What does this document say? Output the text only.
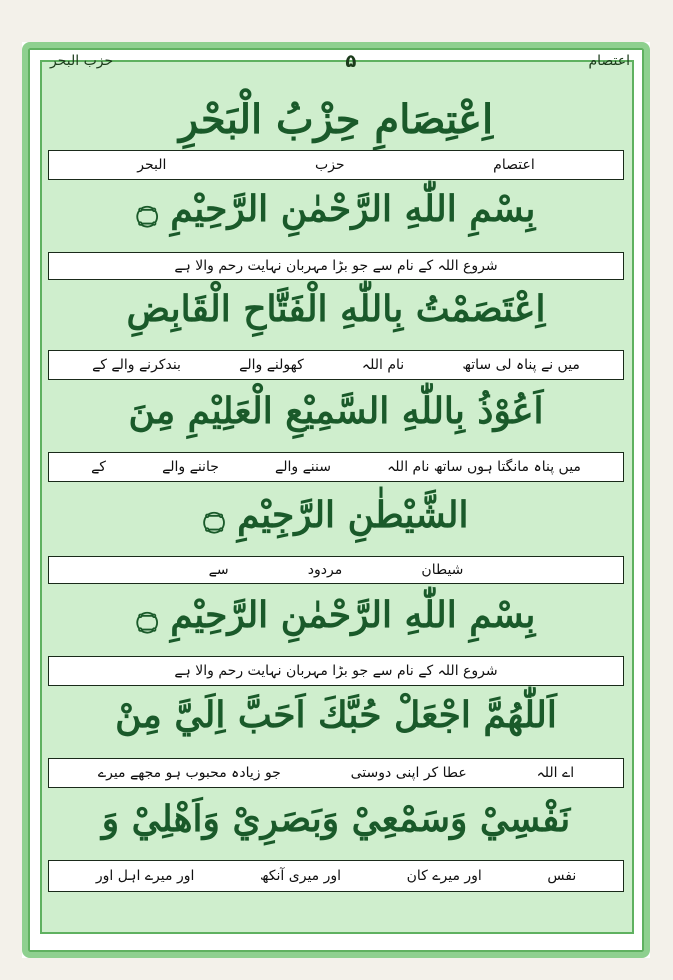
اعتصام
۵
حزب البحر
اِعْتِصَامِ حِزْبُ الْبَحْرِ
اعتصام
حزب
البحر
بِسْمِ اللّٰهِ الرَّحْمٰنِ الرَّحِيْمِ ۝
شروع اللہ کے نام سے جو بڑا مہربان نہایت رحم والا ہے
اِعْتَصَمْتُ بِاللّٰهِ الْفَتَّاحِ الْقَابِضِ
میں نے پناہ لی ساتھ
نام اللہ
کھولنے والے
بندکرنے والے کے
اَعُوْذُ بِاللّٰهِ السَّمِيْعِ الْعَلِيْمِ مِنَ
میں پناہ مانگتا ہوں ساتھ نام اللہ
سننے والے
جاننے والے
کے
الشَّيْطٰنِ الرَّجِيْمِ ۝
شیطان
مردود
سے
بِسْمِ اللّٰهِ الرَّحْمٰنِ الرَّحِيْمِ ۝
شروع اللہ کے نام سے جو بڑا مہربان نہایت رحم والا ہے
اَللّٰهُمَّ اجْعَلْ حُبَّكَ اَحَبَّ اِلَيَّ مِنْ
اے اللہ
عطا کر اپنی دوستی
جو زیادہ محبوب ہو مجھے میرے
نَفْسِيْ وَسَمْعِيْ وَبَصَرِيْ وَاَهْلِيْ وَ
نفس
اور میرے کان
اور میری آنکھ
اور میرے اہل اور
